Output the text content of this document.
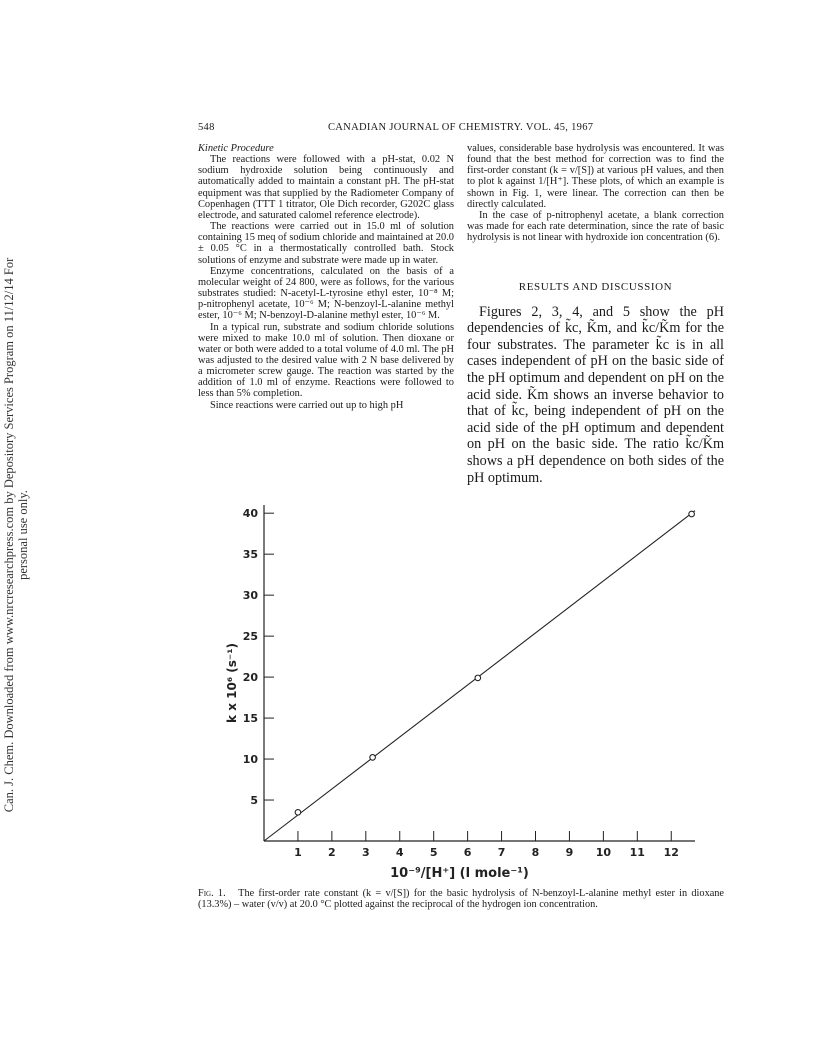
Can. J. Chem. Downloaded from www.nrcresearchpress.com by Depository Services Program on 11/12/14 For personal use only.
548	CANADIAN JOURNAL OF CHEMISTRY. VOL. 45, 1967

Kinetic Procedure

The reactions were followed with a pH-stat, 0.02 N sodium hydroxide solution being continuously and automatically added to maintain a constant pH. The pH-stat equipment was that supplied by the Radiometer Company of Copenhagen (TTT 1 titrator, Ole Dich recorder, G202C glass electrode, and saturated calomel reference electrode).

The reactions were carried out in 15.0 ml of solution containing 15 meq of sodium chloride and maintained at 20.0 ± 0.05 °C in a thermostatically controlled bath. Stock solutions of enzyme and substrate were made up in water.

Enzyme concentrations, calculated on the basis of a molecular weight of 24 800, were as follows, for the various substrates studied: N-acetyl-L-tyrosine ethyl ester, 10⁻⁸ M; p-nitrophenyl acetate, 10⁻⁶ M; N-benzoyl-L-alanine methyl ester, 10⁻⁶ M; N-benzoyl-D-alanine methyl ester, 10⁻⁶ M.

In a typical run, substrate and sodium chloride solutions were mixed to make 10.0 ml of solution. Then dioxane or water or both were added to a total volume of 4.0 ml. The pH was adjusted to the desired value with 2 N base delivered by a micrometer screw gauge. The reaction was started by the addition of 1.0 ml of enzyme. Reactions were followed to less than 5% completion.

Since reactions were carried out up to high pH

values, considerable base hydrolysis was encountered. It was found that the best method for correction was to find the first-order constant (k = v/[S]) at various pH values, and then to plot k against 1/[H⁺]. These plots, of which an example is shown in Fig. 1, were linear. The correction can then be directly calculated.

In the case of p-nitrophenyl acetate, a blank correction was made for each rate determination, since the rate of basic hydrolysis is not linear with hydroxide ion concentration (6).

RESULTS AND DISCUSSION

Figures 2, 3, 4, and 5 show the pH dependencies of k̃c, K̃m, and k̃c/K̃m for the four substrates. The parameter k̃c is in all cases independent of pH on the basic side of the pH optimum and dependent on pH on the acid side. K̃m shows an inverse behavior to that of k̃c, being independent of pH on the acid side of the pH optimum and dependent on pH on the basic side. The ratio k̃c/K̃m shows a pH dependence on both sides of the pH optimum.

5
10
15
20
25
30
35
40
1 2 3 4 5 6 7 8 9 10 11 12
10⁻⁹/[H⁺] (l mole⁻¹)
k x 10⁶ (s⁻¹)
Fig. 1. The first-order rate constant (k = v/[S]) for the basic hydrolysis of N-benzoyl-L-alanine methyl ester in dioxane (13.3%) – water (v/v) at 20.0 °C plotted against the reciprocal of the hydrogen ion concentration.
